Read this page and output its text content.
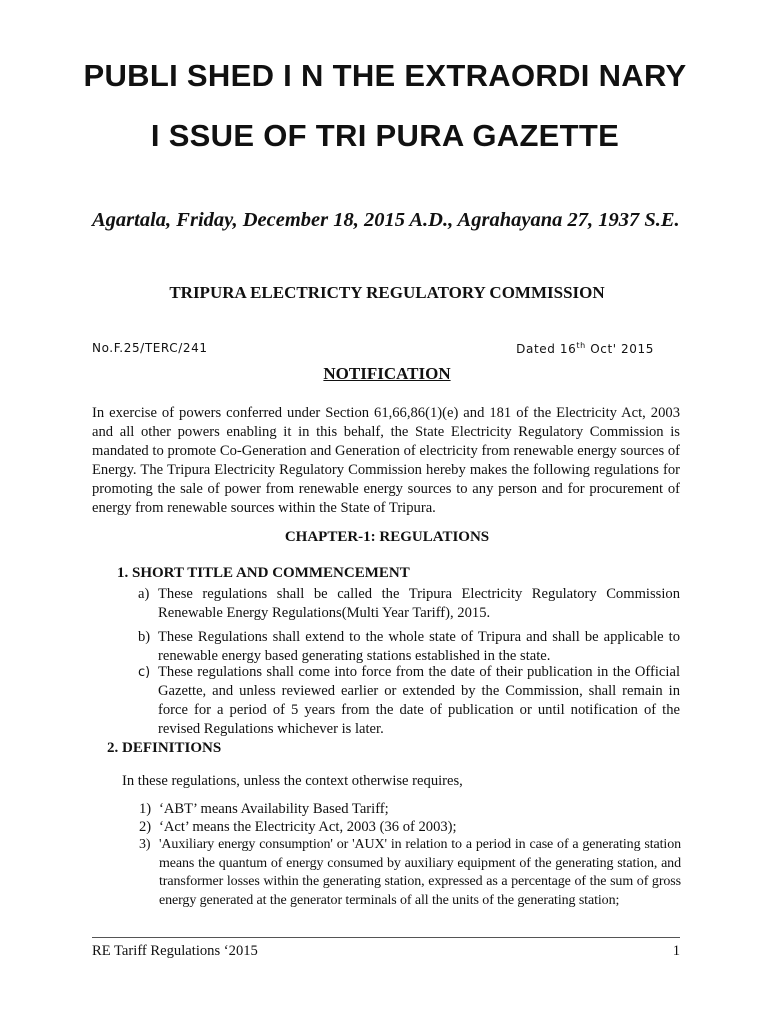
PUBLI SHED I N THE EXTRAORDI NARY
I SSUE OF TRI PURA GAZETTE
Agartala, Friday, December 18, 2015 A.D., Agrahayana 27, 1937 S.E.
TRIPURA ELECTRICTY REGULATORY COMMISSION
No.F.25/TERC/241	Dated 16th Oct' 2015
NOTIFICATION
In exercise of powers conferred under Section 61,66,86(1)(e) and 181 of the Electricity Act, 2003 and all other powers enabling it in this behalf, the State Electricity Regulatory Commission is mandated to promote Co-Generation and Generation of electricity from renewable energy sources of Energy. The Tripura Electricity Regulatory Commission hereby makes the following regulations for promoting the sale of power from renewable energy sources to any person and for procurement of energy from renewable sources within the State of Tripura.
CHAPTER-1: REGULATIONS
1. SHORT TITLE AND COMMENCEMENT
a) These regulations shall be called the Tripura Electricity Regulatory Commission Renewable Energy Regulations(Multi Year Tariff), 2015.
b) These Regulations shall extend to the whole state of Tripura and shall be applicable to renewable energy based generating stations established in the state.
c) These regulations shall come into force from the date of their publication in the Official Gazette, and unless reviewed earlier or extended by the Commission, shall remain in force for a period of 5 years from the date of publication or until notification of the revised Regulations whichever is later.
2. DEFINITIONS
In these regulations, unless the context otherwise requires,
1) ‘ABT’ means Availability Based Tariff;
2) ‘Act’ means the Electricity Act, 2003 (36 of 2003);
3) 'Auxiliary energy consumption' or 'AUX' in relation to a period in case of a generating station means the quantum of energy consumed by auxiliary equipment of the generating station, and transformer losses within the generating station, expressed as a percentage of the sum of gross energy generated at the generator terminals of all the units of the generating station;
RE Tariff Regulations ‘2015	1
